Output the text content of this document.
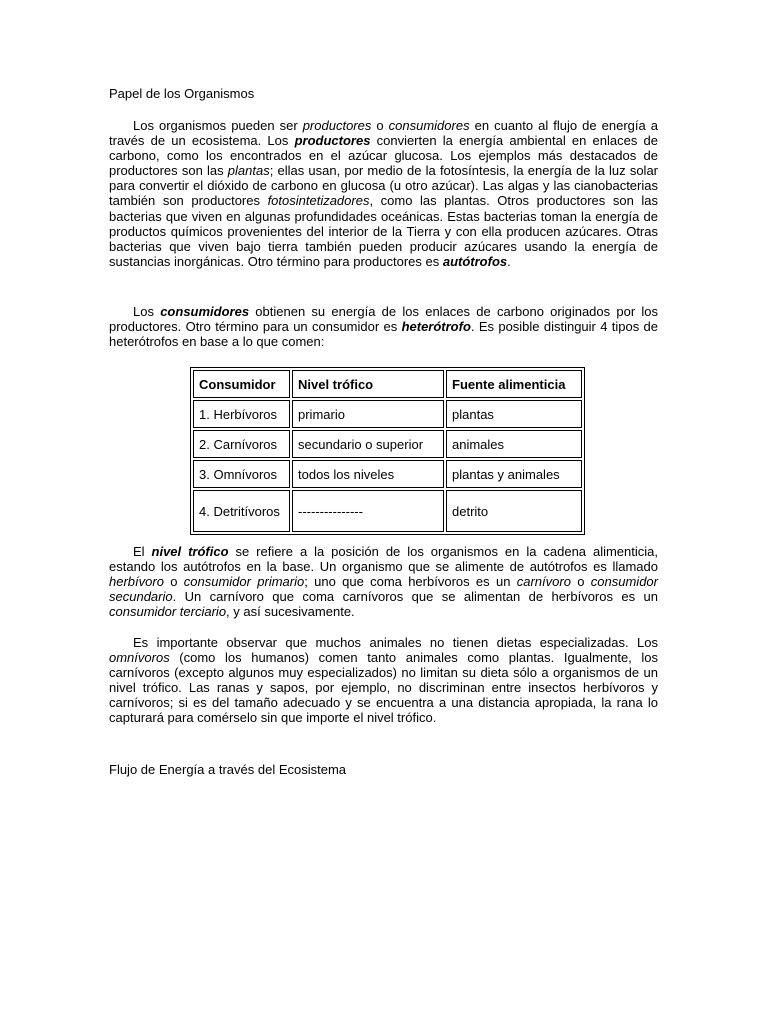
Papel de los Organismos

Los organismos pueden ser productores o consumidores en cuanto al flujo de energía a través de un ecosistema. Los productores convierten la energía ambiental en enlaces de carbono, como los encontrados en el azúcar glucosa. Los ejemplos más destacados de productores son las plantas; ellas usan, por medio de la fotosíntesis, la energía de la luz solar para convertir el dióxido de carbono en glucosa (u otro azúcar). Las algas y las cianobacterias también son productores fotosintetizadores, como las plantas. Otros productores son las bacterias que viven en algunas profundidades oceánicas. Estas bacterias toman la energía de productos químicos provenientes del interior de la Tierra y con ella producen azúcares. Otras bacterias que viven bajo tierra también pueden producir azúcares usando la energía de sustancias inorgánicas. Otro término para productores es autótrofos.

Los consumidores obtienen su energía de los enlaces de carbono originados por los productores. Otro término para un consumidor es heterótrofo. Es posible distinguir 4 tipos de heterótrofos en base a lo que comen:

Consumidor	Nivel trófico	Fuente alimenticia
1. Herbívoros	primario	plantas
2. Carnívoros	secundario o superior	animales
3. Omnívoros	todos los niveles	plantas y animales
4. Detritívoros	---------------	detrito

El nivel trófico se refiere a la posición de los organismos en la cadena alimenticia, estando los autótrofos en la base. Un organismo que se alimente de autótrofos es llamado herbívoro o consumidor primario; uno que coma herbívoros es un carnívoro o consumidor secundario. Un carnívoro que coma carnívoros que se alimentan de herbívoros es un consumidor terciario, y así sucesivamente.

Es importante observar que muchos animales no tienen dietas especializadas. Los omnívoros (como los humanos) comen tanto animales como plantas. Igualmente, los carnívoros (excepto algunos muy especializados) no limitan su dieta sólo a organismos de un nivel trófico. Las ranas y sapos, por ejemplo, no discriminan entre insectos herbívoros y carnívoros; si es del tamaño adecuado y se encuentra a una distancia apropiada, la rana lo capturará para comérselo sin que importe el nivel trófico.

Flujo de Energía a través del Ecosistema
